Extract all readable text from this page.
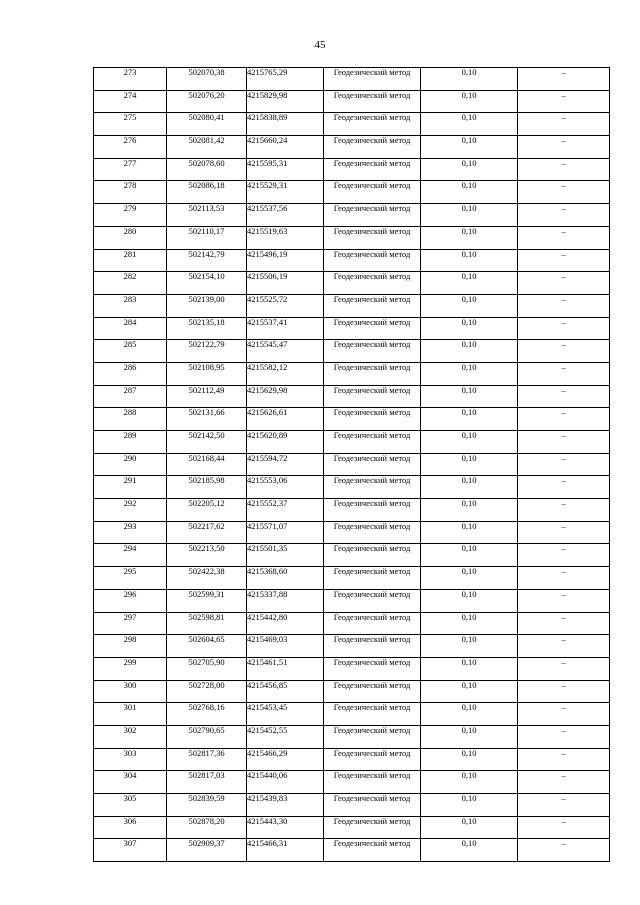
45
273	502070,38	4215765,29	Геодезический метод	0,10	–
274	502076,20	4215829,98	Геодезический метод	0,10	–
275	502080,41	4215838,89	Геодезический метод	0,10	–
276	502081,42	4215660,24	Геодезический метод	0,10	–
277	502078,60	4215595,31	Геодезический метод	0,10	–
278	502086,18	4215529,31	Геодезический метод	0,10	–
279	502113,53	4215537,56	Геодезический метод	0,10	–
280	502110,17	4215519,63	Геодезический метод	0,10	–
281	502142,79	4215496,19	Геодезический метод	0,10	–
282	502154,10	4215506,19	Геодезический метод	0,10	–
283	502139,00	4215525,72	Геодезический метод	0,10	–
284	502135,18	4215537,41	Геодезический метод	0,10	–
285	502122,79	4215545,47	Геодезический метод	0,10	–
286	502108,95	4215582,12	Геодезический метод	0,10	–
287	502112,49	4215629,98	Геодезический метод	0,10	–
288	502131,66	4215626,61	Геодезический метод	0,10	–
289	502142,50	4215620,89	Геодезический метод	0,10	–
290	502168,44	4215594,72	Геодезический метод	0,10	–
291	502185,98	4215553,06	Геодезический метод	0,10	–
292	502205,12	4215552,37	Геодезический метод	0,10	–
293	502217,62	4215571,07	Геодезический метод	0,10	–
294	502213,50	4215501,35	Геодезический метод	0,10	–
295	502422,38	4215368,60	Геодезический метод	0,10	–
296	502599,31	4215337,88	Геодезический метод	0,10	–
297	502598,81	4215442,80	Геодезический метод	0,10	–
298	502604,65	4215469,03	Геодезический метод	0,10	–
299	502705,90	4215461,51	Геодезический метод	0,10	–
300	502728,00	4215456,85	Геодезический метод	0,10	–
301	502768,16	4215453,45	Геодезический метод	0,10	–
302	502790,65	4215452,55	Геодезический метод	0,10	–
303	502817,36	4215466,29	Геодезический метод	0,10	–
304	502817,03	4215440,06	Геодезический метод	0,10	–
305	502839,59	4215439,83	Геодезический метод	0,10	–
306	502878,20	4215443,30	Геодезический метод	0,10	–
307	502909,37	4215466,31	Геодезический метод	0,10	–
